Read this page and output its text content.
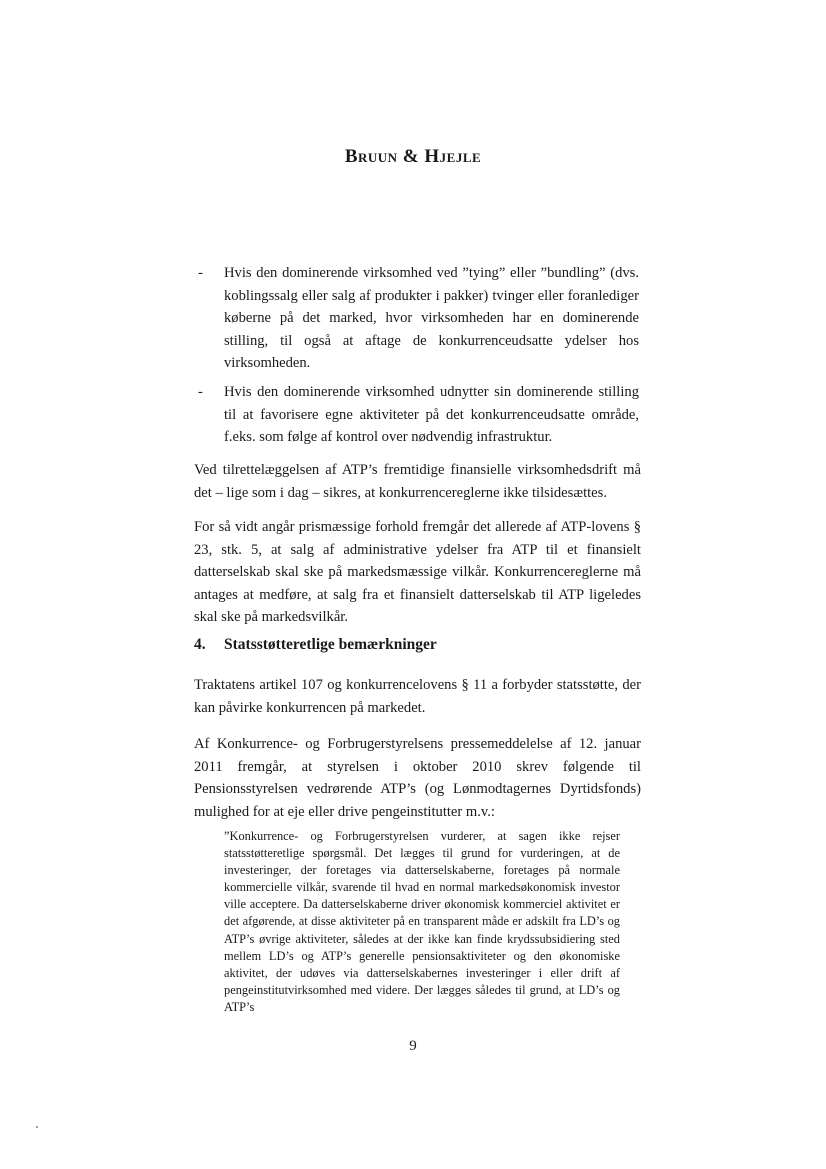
Bruun & Hjejle
- Hvis den dominerende virksomhed ved ”tying” eller ”bundling” (dvs. koblingssalg eller salg af produkter i pakker) tvinger eller foranlediger køberne på det marked, hvor virksomheden har en dominerende stilling, til også at aftage de konkurrenceudsatte ydelser hos virksomheden.

- Hvis den dominerende virksomhed udnytter sin dominerende stilling til at favorisere egne aktiviteter på det konkurrenceudsatte område, f.eks. som følge af kontrol over nødvendig infrastruktur.

Ved tilrettelæggelsen af ATP’s fremtidige finansielle virksomhedsdrift må det – lige som i dag – sikres, at konkurrencereglerne ikke tilsidesættes.

For så vidt angår prismæssige forhold fremgår det allerede af ATP-lovens § 23, stk. 5, at salg af administrative ydelser fra ATP til et finansielt datterselskab skal ske på markedsmæssige vilkår. Konkurrencereglerne må antages at medføre, at salg fra et finansielt datterselskab til ATP ligeledes skal ske på markedsvilkår.

4. Statsstøtteretlige bemærkninger

Traktatens artikel 107 og konkurrencelovens § 11 a forbyder statsstøtte, der kan påvirke konkurrencen på markedet.

Af Konkurrence- og Forbrugerstyrelsens pressemeddelelse af 12. januar 2011 fremgår, at styrelsen i oktober 2010 skrev følgende til Pensionsstyrelsen vedrørende ATP’s (og Lønmodtagernes Dyrtidsfonds) mulighed for at eje eller drive pengeinstitutter m.v.:

”Konkurrence- og Forbrugerstyrelsen vurderer, at sagen ikke rejser statsstøtteretlige spørgsmål. Det lægges til grund for vurderingen, at de investeringer, der foretages via datterselskaberne, foretages på normale kommercielle vilkår, svarende til hvad en normal markedsøkonomisk investor ville acceptere. Da datterselskaberne driver økonomisk kommerciel aktivitet er det afgørende, at disse aktiviteter på en transparent måde er adskilt fra LD’s og ATP’s øvrige aktiviteter, således at der ikke kan finde krydssubsidiering sted mellem LD’s og ATP’s generelle pensionsaktiviteter og den økonomiske aktivitet, der udøves via datterselskabernes investeringer i eller drift af pengeinstitutvirksomhed med videre. Der lægges således til grund, at LD’s og ATP’s

9
